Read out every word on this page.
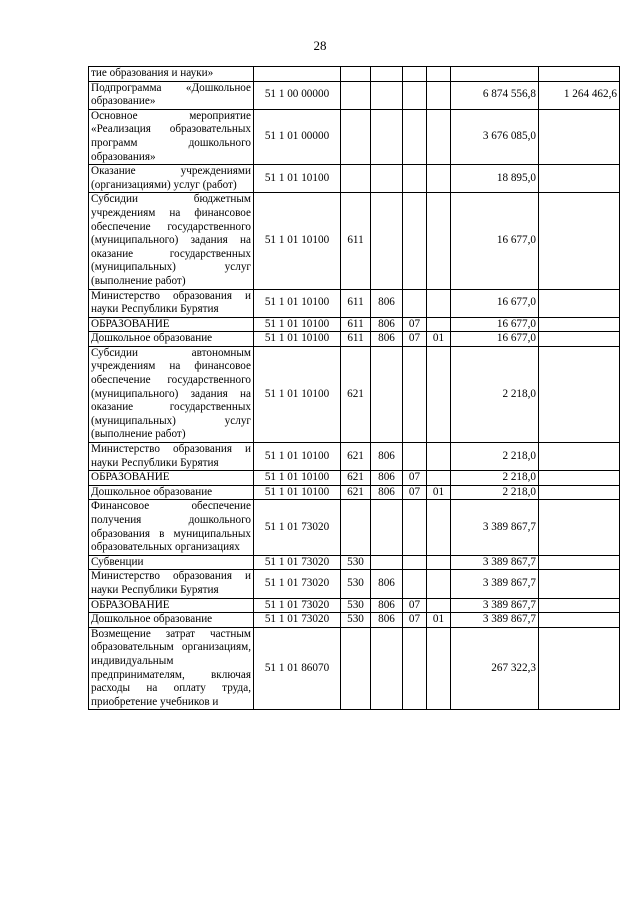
28
тие образования и науки»							
Подпрограмма «Дошкольное образование»	51 1 00 00000					6 874 556,8	1 264 462,6
Основное мероприятие «Реализация образовательных программ дошкольного образования»	51 1 01 00000					3 676 085,0	
Оказание учреждениями (организациями) услуг (работ)	51 1 01 10100					18 895,0	
Субсидии бюджетным учреждениям на финансовое обеспечение государственного (муниципального) задания на оказание государственных (муниципальных) услуг (выполнение работ)	51 1 01 10100	611				16 677,0	
Министерство образования и науки Республики Бурятия	51 1 01 10100	611	806			16 677,0	
ОБРАЗОВАНИЕ	51 1 01 10100	611	806	07		16 677,0	
Дошкольное образование	51 1 01 10100	611	806	07	01	16 677,0	
Субсидии автономным учреждениям на финансовое обеспечение государственного (муниципального) задания на оказание государственных (муниципальных) услуг (выполнение работ)	51 1 01 10100	621				2 218,0	
Министерство образования и науки Республики Бурятия	51 1 01 10100	621	806			2 218,0	
ОБРАЗОВАНИЕ	51 1 01 10100	621	806	07		2 218,0	
Дошкольное образование	51 1 01 10100	621	806	07	01	2 218,0	
Финансовое обеспечение получения дошкольного образования в муниципальных образовательных организациях	51 1 01 73020					3 389 867,7	
Субвенции	51 1 01 73020	530				3 389 867,7	
Министерство образования и науки Республики Бурятия	51 1 01 73020	530	806			3 389 867,7	
ОБРАЗОВАНИЕ	51 1 01 73020	530	806	07		3 389 867,7	
Дошкольное образование	51 1 01 73020	530	806	07	01	3 389 867,7	
Возмещение затрат частным образовательным организациям, индивидуальным предпринимателям, включая расходы на оплату труда, приобретение учебников и	51 1 01 86070					267 322,3	
